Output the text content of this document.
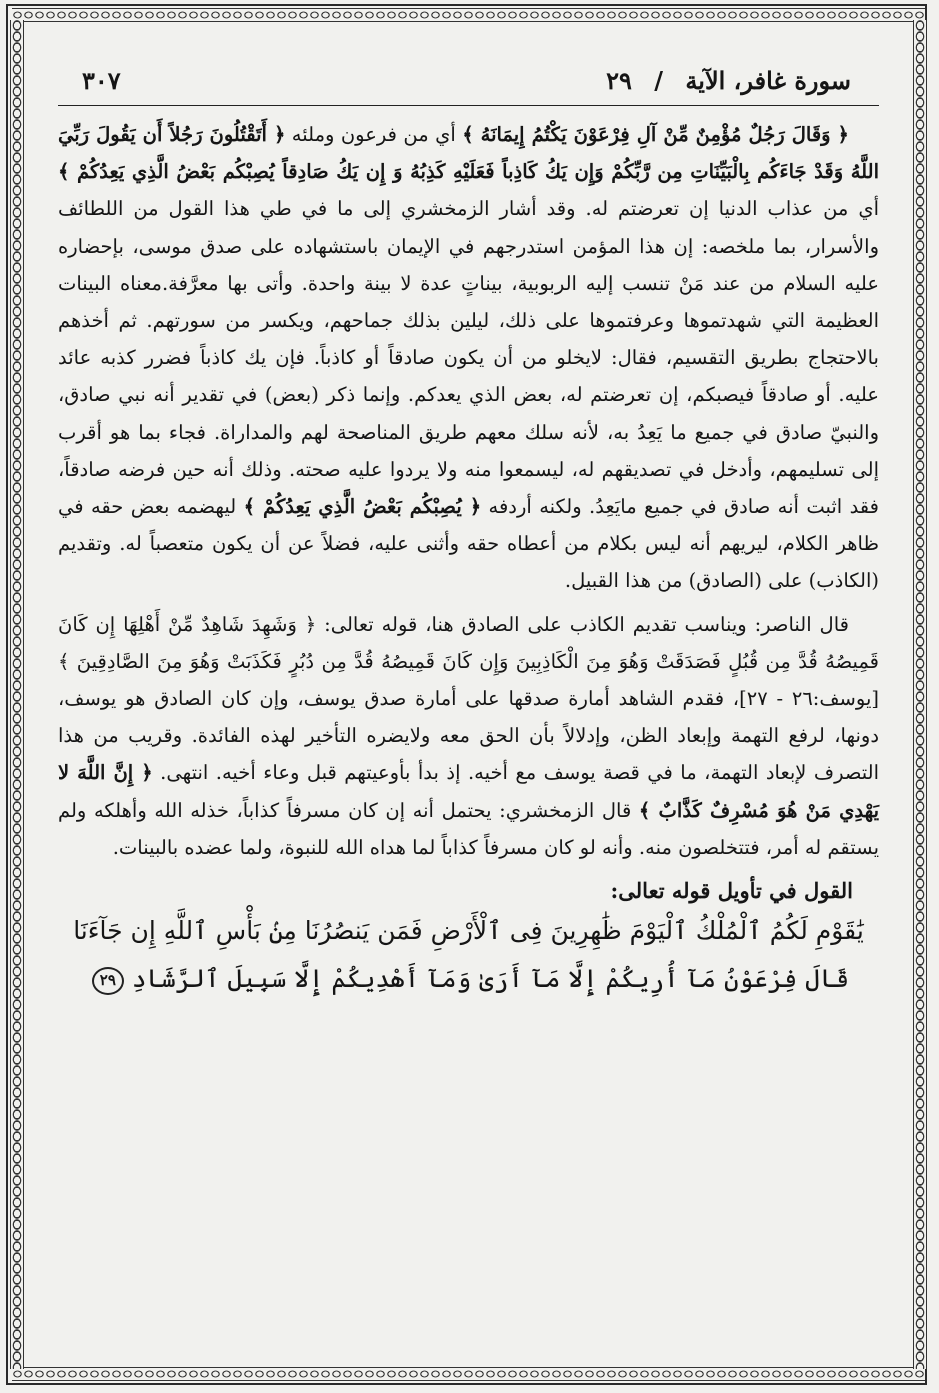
سورة غافر، الآية / ٢٩
٣٠٧

﴿ وَقَالَ رَجُلٌ مُؤْمِنٌ مِّنْ آلِ فِرْعَوْنَ يَكْتُمُ إِيمَانَهُ ﴾ أي من فرعون وملئه ﴿ أَتَقْتُلُونَ رَجُلاً أَن يَقُولَ رَبِّيَ اللَّهُ وَقَدْ جَاءَكُم بِالْبَيِّنَاتِ مِن رَّبِّكُمْ وَإِن يَكُ كَاذِباً فَعَلَيْهِ كَذِبُهُ وَ إِن يَكُ صَادِقاً يُصِبْكُم بَعْضُ الَّذِي يَعِدُكُمْ ﴾ أي من عذاب الدنيا إن تعرضتم له. وقد أشار الزمخشري إلى ما في طي هذا القول من اللطائف والأسرار، بما ملخصه: إن هذا المؤمن استدرجهم في الإيمان باستشهاده على صدق موسى، بإحضاره عليه السلام من عند مَنْ تنسب إليه الربوبية، بيناتٍ عدة لا بينة واحدة. وأتى بها معرَّفة.معناه البينات العظيمة التي شهدتموها وعرفتموها على ذلك، ليلين بذلك جماحهم، ويكسر من سورتهم. ثم أخذهم بالاحتجاج بطريق التقسيم، فقال: لايخلو من أن يكون صادقاً أو كاذباً. فإن يك كاذباً فضرر كذبه عائد عليه. أو صادقاً فيصبكم، إن تعرضتم له، بعض الذي يعدكم. وإنما ذكر (بعض) في تقدير أنه نبي صادق، والنبيّ صادق في جميع ما يَعِدُ به، لأنه سلك معهم طريق المناصحة لهم والمداراة. فجاء بما هو أقرب إلى تسليمهم، وأدخل في تصديقهم له، ليسمعوا منه ولا يردوا عليه صحته. وذلك أنه حين فرضه صادقاً، فقد اثبت أنه صادق في جميع مايَعِدُ. ولكنه أردفه ﴿ يُصِبْكُم بَعْضُ الَّذِي يَعِدُكُمْ ﴾ ليهضمه بعض حقه في ظاهر الكلام، ليريهم أنه ليس بكلام من أعطاه حقه وأثنى عليه، فضلاً عن أن يكون متعصباً له. وتقديم (الكاذب) على (الصادق) من هذا القبيل.

قال الناصر: ويناسب تقديم الكاذب على الصادق هنا، قوله تعالى: ﴿ وَشَهِدَ شَاهِدٌ مِّنْ أَهْلِهَا إِن كَانَ قَمِيصُهُ قُدَّ مِن قُبُلٍ فَصَدَقَتْ وَهُوَ مِنَ الْكَاذِبِينَ وَإِن كَانَ قَمِيصُهُ قُدَّ مِن دُبُرٍ فَكَذَبَتْ وَهُوَ مِنَ الصَّادِقِينَ ﴾ [يوسف:٢٦ - ٢٧]، فقدم الشاهد أمارة صدقها على أمارة صدق يوسف، وإن كان الصادق هو يوسف، دونها، لرفع التهمة وإبعاد الظن، وإدلالاً بأن الحق معه ولايضره التأخير لهذه الفائدة. وقريب من هذا التصرف لإبعاد التهمة، ما في قصة يوسف مع أخيه. إذ بدأ بأوعيتهم قبل وعاء أخيه. انتهى. ﴿ إِنَّ اللَّهَ لا يَهْدِي مَنْ هُوَ مُسْرِفٌ كَذَّابٌ ﴾ قال الزمخشري: يحتمل أنه إن كان مسرفاً كذاباً، خذله الله وأهلكه ولم يستقم له أمر، فتتخلصون منه. وأنه لو كان مسرفاً كذاباً لما هداه الله للنبوة، ولما عضده بالبينات.

القول في تأويل قوله تعالى:

يَٰقَوْمِ لَكُمُ ٱلْمُلْكُ ٱلْيَوْمَ ظَٰهِرِينَ فِى ٱلْأَرْضِ فَمَن يَنصُرُنَا مِنۢ بَأْسِ ٱللَّهِ إِن جَآءَنَا

قَالَ فِرْعَوْنُ مَآ أُرِيكُمْ إِلَّا مَآ أَرَىٰ وَمَآ أَهْدِيكُمْ إِلَّا سَبِيلَ ٱلرَّشَادِ ٢٩
